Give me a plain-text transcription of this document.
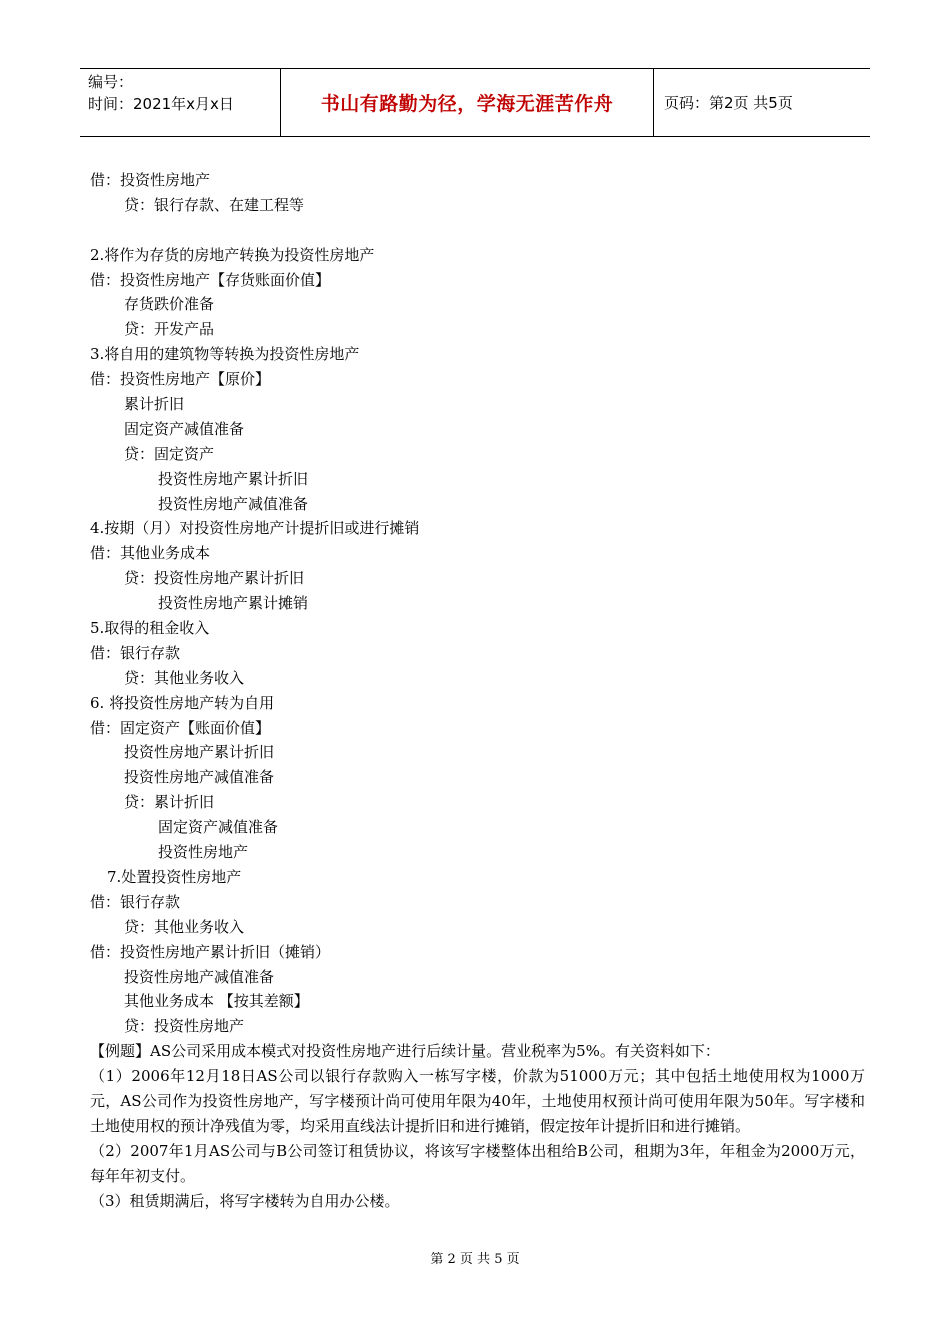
编号：
时间：2021年x月x日	书山有路勤为径，学海无涯苦作舟	页码：第2页 共5页
借：投资性房地产
贷：银行存款、在建工程等
2.将作为存货的房地产转换为投资性房地产
借：投资性房地产【存货账面价值】
存货跌价准备
贷：开发产品
3.将自用的建筑物等转换为投资性房地产
借：投资性房地产【原价】
累计折旧
固定资产减值准备
贷：固定资产
投资性房地产累计折旧
投资性房地产减值准备
4.按期（月）对投资性房地产计提折旧或进行摊销
借：其他业务成本
贷：投资性房地产累计折旧
投资性房地产累计摊销
5.取得的租金收入
借：银行存款
贷：其他业务收入
6. 将投资性房地产转为自用
借：固定资产【账面价值】
投资性房地产累计折旧
投资性房地产减值准备
贷：累计折旧
固定资产减值准备
投资性房地产
7.处置投资性房地产
借：银行存款
贷：其他业务收入
借：投资性房地产累计折旧（摊销）
投资性房地产减值准备
其他业务成本 【按其差额】
贷：投资性房地产
【例题】AS公司采用成本模式对投资性房地产进行后续计量。营业税率为5%。有关资料如下：
（1）2006年12月18日AS公司以银行存款购入一栋写字楼，价款为51000万元；其中包括土地使用权为1000万元，AS公司作为投资性房地产，写字楼预计尚可使用年限为40年，土地使用权预计尚可使用年限为50年。写字楼和土地使用权的预计净残值为零，均采用直线法计提折旧和进行摊销，假定按年计提折旧和进行摊销。
（2）2007年1月AS公司与B公司签订租赁协议，将该写字楼整体出租给B公司，租期为3年，年租金为2000万元，每年年初支付。
（3）租赁期满后，将写字楼转为自用办公楼。
第 2 页 共 5 页
